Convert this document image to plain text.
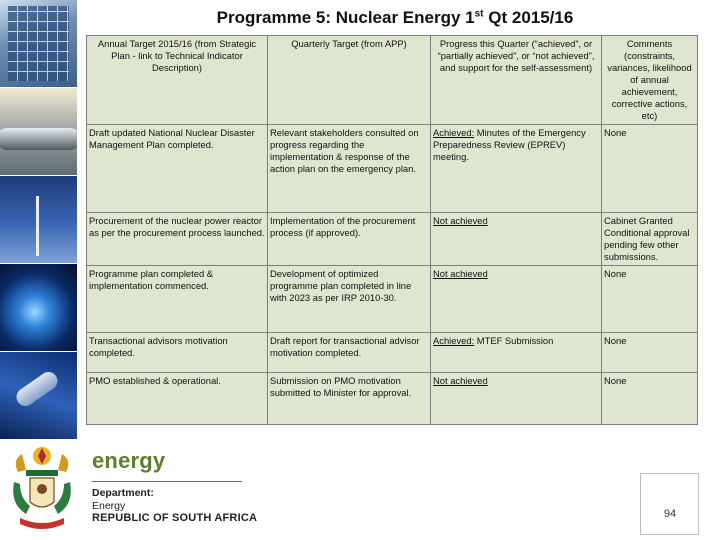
Programme 5: Nuclear Energy 1st Qt 2015/16
Annual Target 2015/16 (from Strategic Plan - link to Technical Indicator Description)	Quarterly Target (from APP)	Progress this Quarter (“achieved”, or “partially achieved”, or “not achieved”, and support for the self-assessment)	Comments (constraints, variances, likelihood of annual achievement, corrective actions, etc)
Draft updated National Nuclear Disaster Management Plan completed.	Relevant stakeholders consulted on progress regarding the implementation & response of the action plan on the emergency plan.	Achieved: Minutes of the Emergency Preparedness Review (EPREV) meeting.	None
Procurement of the nuclear power reactor as per the procurement process launched.	Implementation of the procurement process (if approved).	Not achieved	Cabinet Granted Conditional approval pending few other submissions.
Programme plan completed & implementation commenced.	Development of optimized programme plan completed in line with 2023 as per IRP 2010-30.	Not achieved	None
Transactional advisors motivation completed.	Draft report for transactional advisor motivation completed.	Achieved: MTEF Submission	None
PMO established & operational.	Submission on PMO motivation submitted to Minister for approval.	Not achieved	None
energy
Department:
Energy
REPUBLIC OF SOUTH AFRICA	94
